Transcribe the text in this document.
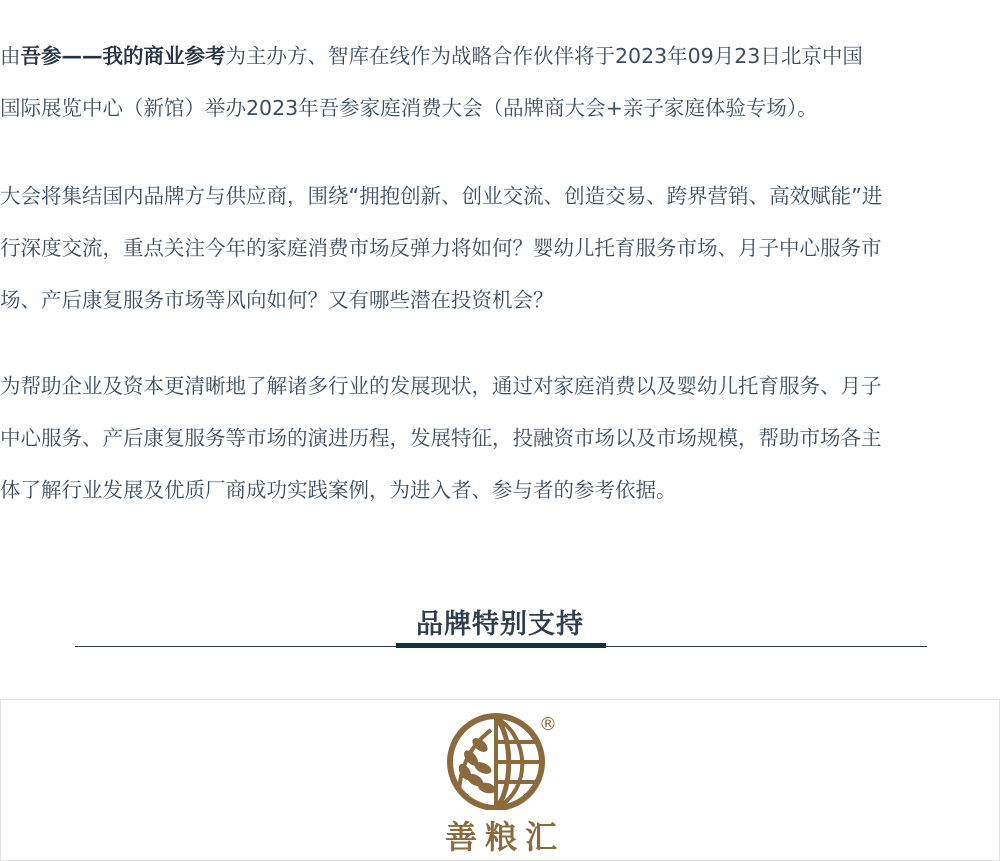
由吾参——我的商业参考为主办方、智库在线作为战略合作伙伴将于2023年09月23日北京中国
国际展览中心（新馆）举办2023年吾参家庭消费大会（品牌商大会+亲子家庭体验专场）。
大会将集结国内品牌方与供应商，围绕“拥抱创新、创业交流、创造交易、跨界营销、高效赋能”进
行深度交流，重点关注今年的家庭消费市场反弹力将如何？婴幼儿托育服务市场、月子中心服务市
场、产后康复服务市场等风向如何？又有哪些潜在投资机会？
为帮助企业及资本更清晰地了解诸多行业的发展现状，通过对家庭消费以及婴幼儿托育服务、月子
中心服务、产后康复服务等市场的演进历程，发展特征，投融资市场以及市场规模，帮助市场各主
体了解行业发展及优质厂商成功实践案例，为进入者、参与者的参考依据。
品牌特别支持
®
善粮汇
